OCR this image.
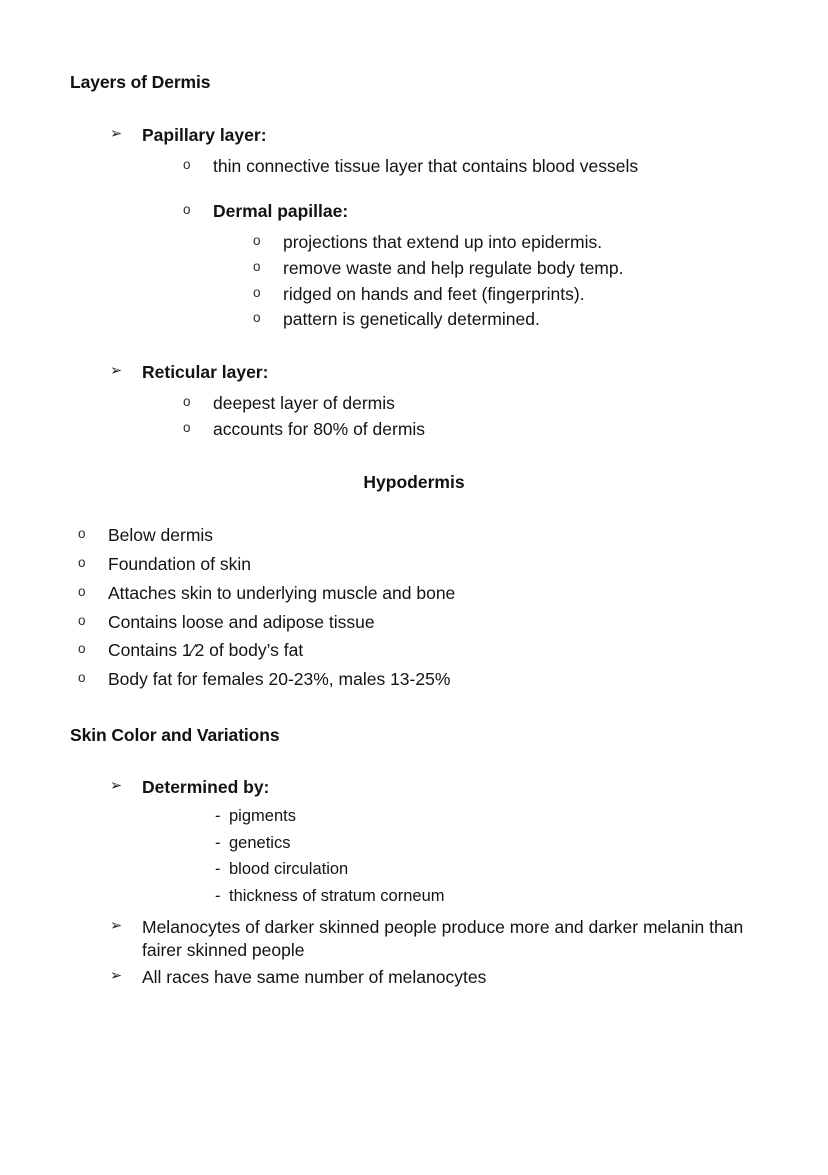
Layers of Dermis
➢	Papillary layer:
o	thin connective tissue layer that contains blood vessels
o	Dermal papillae:
o	projections that extend up into epidermis.
o	remove waste and help regulate body temp.
o	ridged on hands and feet (fingerprints).
o	pattern is genetically determined.
➢	Reticular layer:
o	deepest layer of dermis
o	accounts for 80% of dermis
Hypodermis
o	Below dermis
o	Foundation of skin
o	Attaches skin to underlying muscle and bone
o	Contains loose and adipose tissue
o	Contains 1⁄2 of body’s fat
o	Body fat for females 20-23%, males 13-25%
Skin Color and Variations
➢	Determined by:
- pigments
- genetics
- blood circulation
- thickness of stratum corneum
➢	Melanocytes of darker skinned people produce more and darker melanin than fairer skinned people
➢	All races have same number of melanocytes
